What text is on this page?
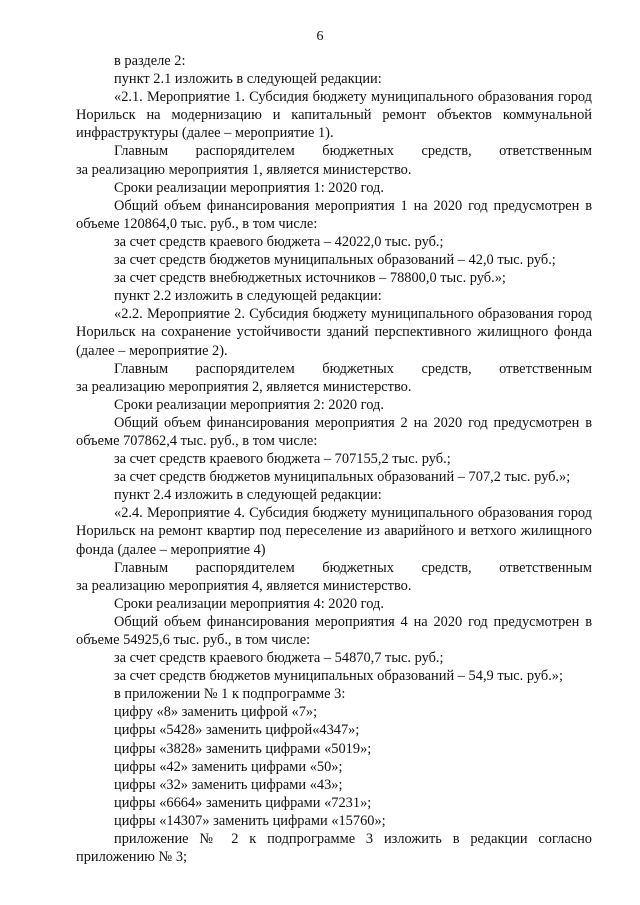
6

в разделе 2:

пункт 2.1 изложить в следующей редакции:

«2.1. Мероприятие 1. Субсидия бюджету муниципального образования город Норильск на модернизацию и капитальный ремонт объектов коммунальной инфраструктуры (далее – мероприятие 1).

Главным распорядителем бюджетных средств, ответственным

за реализацию мероприятия 1, является министерство.

Сроки реализации мероприятия 1: 2020 год.

Общий объем финансирования мероприятия 1 на 2020 год предусмотрен в объеме 120864,0 тыс. руб., в том числе:

за счет средств краевого бюджета – 42022,0 тыс. руб.;

за счет средств бюджетов муниципальных образований – 42,0 тыс. руб.;

за счет средств внебюджетных источников – 78800,0 тыс. руб.»;

пункт 2.2 изложить в следующей редакции:

«2.2. Мероприятие 2. Субсидия бюджету муниципального образования город Норильск на сохранение устойчивости зданий перспективного жилищного фонда (далее – мероприятие 2).

Главным распорядителем бюджетных средств, ответственным

за реализацию мероприятия 2, является министерство.

Сроки реализации мероприятия 2: 2020 год.

Общий объем финансирования мероприятия 2 на 2020 год предусмотрен в объеме 707862,4 тыс. руб., в том числе:

за счет средств краевого бюджета – 707155,2 тыс. руб.;

за счет средств бюджетов муниципальных образований – 707,2 тыс. руб.»;

пункт 2.4 изложить в следующей редакции:

«2.4. Мероприятие 4. Субсидия бюджету муниципального образования город Норильск на ремонт квартир под переселение из аварийного и ветхого жилищного фонда (далее – мероприятие 4)

Главным распорядителем бюджетных средств, ответственным

за реализацию мероприятия 4, является министерство.

Сроки реализации мероприятия 4: 2020 год.

Общий объем финансирования мероприятия 4 на 2020 год предусмотрен в объеме 54925,6 тыс. руб., в том числе:

за счет средств краевого бюджета – 54870,7 тыс. руб.;

за счет средств бюджетов муниципальных образований – 54,9 тыс. руб.»;

в приложении № 1 к подпрограмме 3:

цифру «8» заменить цифрой «7»;

цифры «5428» заменить цифрой«4347»;

цифры «3828» заменить цифрами «5019»;

цифры «42» заменить цифрами «50»;

цифры «32» заменить цифрами «43»;

цифры «6664» заменить цифрами «7231»;

цифры «14307» заменить цифрами «15760»;

приложение № 2 к подпрограмме 3 изложить в редакции согласно приложению № 3;
